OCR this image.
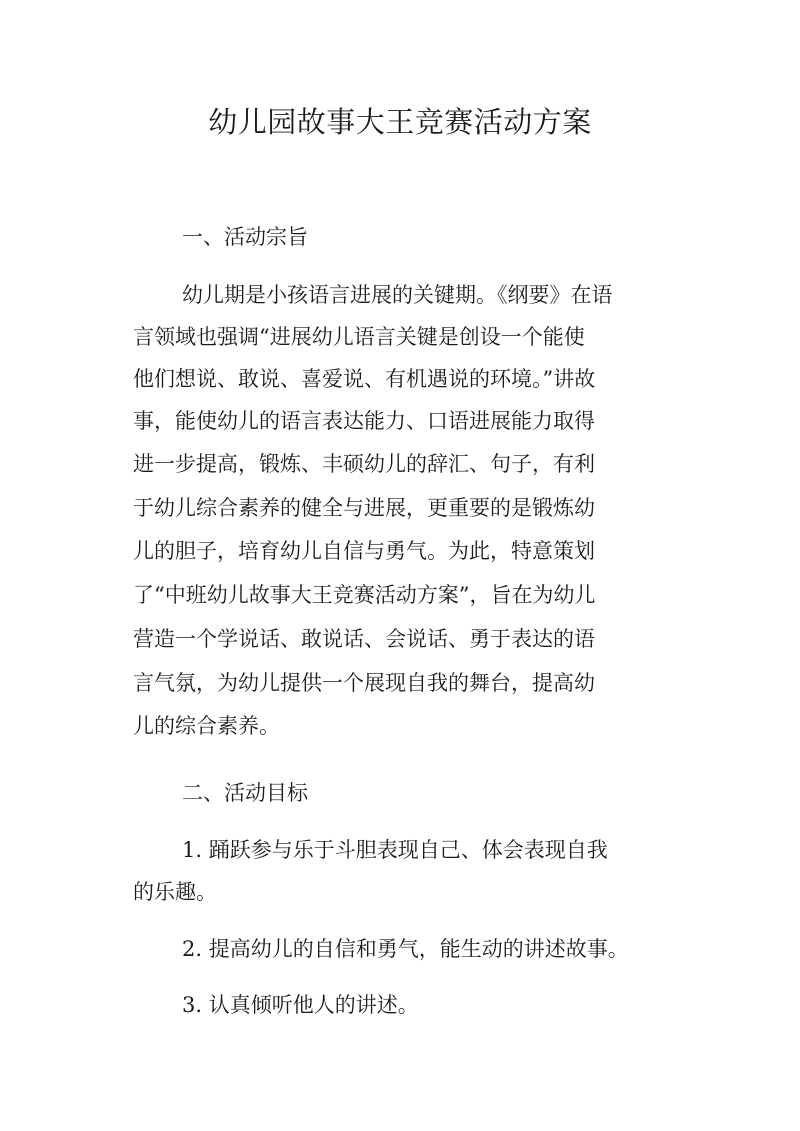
幼儿园故事大王竞赛活动方案
一、活动宗旨
幼儿期是小孩语言进展的关键期。《纲要》在语
言领域也强调“进展幼儿语言关键是创设一个能使
他们想说、敢说、喜爱说、有机遇说的环境。”讲故
事，能使幼儿的语言表达能力、口语进展能力取得
进一步提高，锻炼、丰硕幼儿的辞汇、句子，有利
于幼儿综合素养的健全与进展，更重要的是锻炼幼
儿的胆子，培育幼儿自信与勇气。为此，特意策划
了“中班幼儿故事大王竞赛活动方案”，旨在为幼儿
营造一个学说话、敢说话、会说话、勇于表达的语
言气氛，为幼儿提供一个展现自我的舞台，提高幼
儿的综合素养。
二、活动目标
1. 踊跃参与乐于斗胆表现自己、体会表现自我
的乐趣。
2. 提高幼儿的自信和勇气，能生动的讲述故事。
3. 认真倾听他人的讲述。
